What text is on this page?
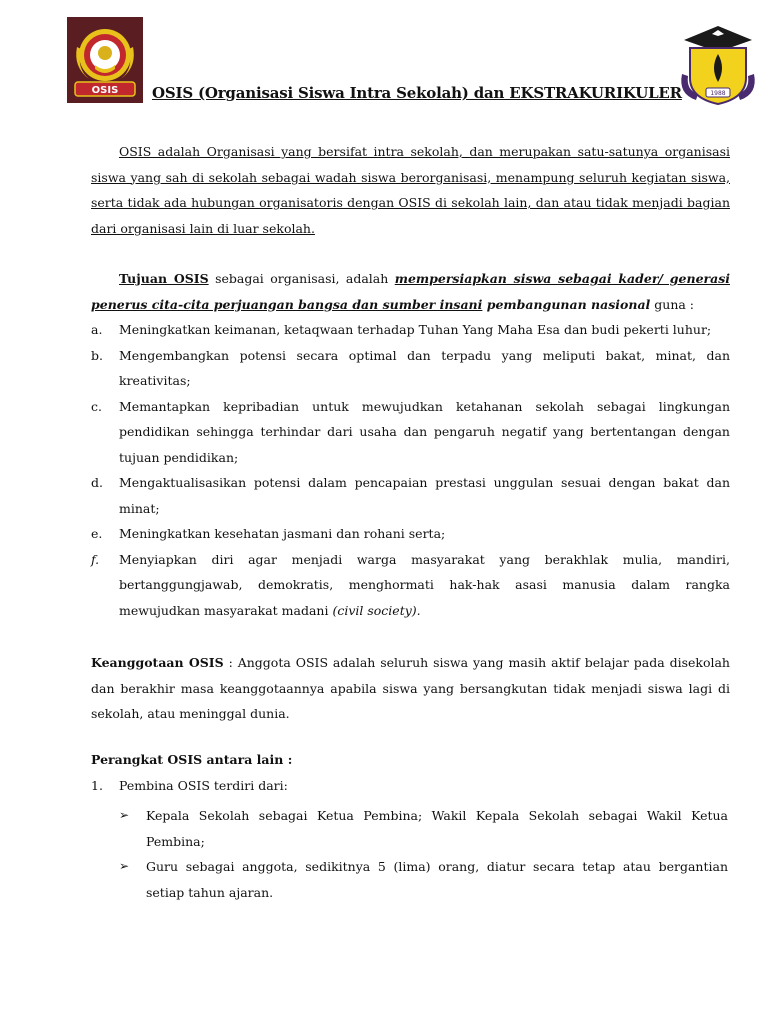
OSIS	1988
OSIS (Organisasi Siswa Intra Sekolah) dan EKSTRAKURIKULER
OSIS adalah Organisasi yang bersifat intra sekolah, dan merupakan satu-satunya organisasi siswa yang sah di sekolah sebagai wadah siswa berorganisasi, menampung seluruh kegiatan siswa, serta tidak ada hubungan organisatoris dengan OSIS di sekolah lain, dan atau tidak menjadi bagian dari organisasi lain di luar sekolah.
Tujuan OSIS sebagai organisasi, adalah mempersiapkan siswa sebagai kader/ generasi penerus cita-cita perjuangan bangsa dan sumber insani pembangunan nasional guna :
a. Meningkatkan keimanan, ketaqwaan terhadap Tuhan Yang Maha Esa dan budi pekerti luhur;
b. Mengembangkan potensi secara optimal dan terpadu yang meliputi bakat, minat, dan kreativitas;
c. Memantapkan kepribadian untuk mewujudkan ketahanan sekolah sebagai lingkungan pendidikan sehingga terhindar dari usaha dan pengaruh negatif yang bertentangan dengan tujuan pendidikan;
d. Mengaktualisasikan potensi dalam pencapaian prestasi unggulan sesuai dengan bakat dan minat;
e. Meningkatkan kesehatan jasmani dan rohani serta;
f. Menyiapkan diri agar menjadi warga masyarakat yang berakhlak mulia, mandiri, bertanggungjawab, demokratis, menghormati hak-hak asasi manusia dalam rangka mewujudkan masyarakat madani (civil society).
Keanggotaan OSIS : Anggota OSIS adalah seluruh siswa yang masih aktif belajar pada disekolah dan berakhir masa keanggotaannya apabila siswa yang bersangkutan tidak menjadi siswa lagi di sekolah, atau meninggal dunia.
Perangkat OSIS antara lain :
1. Pembina OSIS terdiri dari:
➢ Kepala Sekolah sebagai Ketua Pembina; Wakil Kepala Sekolah sebagai Wakil Ketua Pembina;
➢ Guru sebagai anggota, sedikitnya 5 (lima) orang, diatur secara tetap atau bergantian setiap tahun ajaran.
